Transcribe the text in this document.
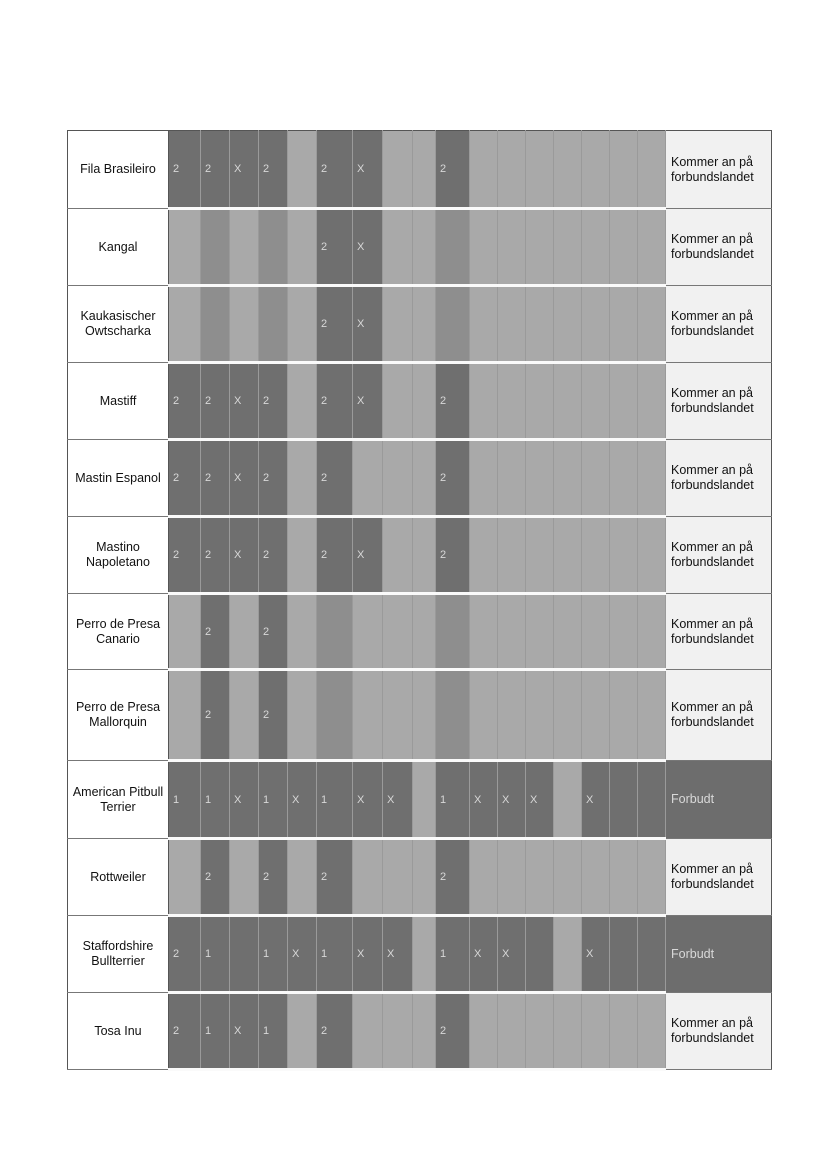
Fila Brasileiro	2	2	X	2		2	X			2								Kommer an på forbundslandet
Kangal						2	X											Kommer an på forbundslandet
Kaukasischer Owtscharka						2	X											Kommer an på forbundslandet
Mastiff	2	2	X	2		2	X			2								Kommer an på forbundslandet
Mastin Espanol	2	2	X	2		2				2								Kommer an på forbundslandet
Mastino Napoletano	2	2	X	2		2	X			2								Kommer an på forbundslandet
Perro de Presa Canario		2		2														Kommer an på forbundslandet
Perro de Presa Mallorquin		2		2														Kommer an på forbundslandet
American Pitbull Terrier	1	1	X	1	X	1	X	X		1	X	X	X		X			Forbudt
Rottweiler		2		2		2				2								Kommer an på forbundslandet
Staffordshire Bullterrier	2	1		1	X	1	X	X		1	X	X			X			Forbudt
Tosa Inu	2	1	X	1		2				2								Kommer an på forbundslandet
